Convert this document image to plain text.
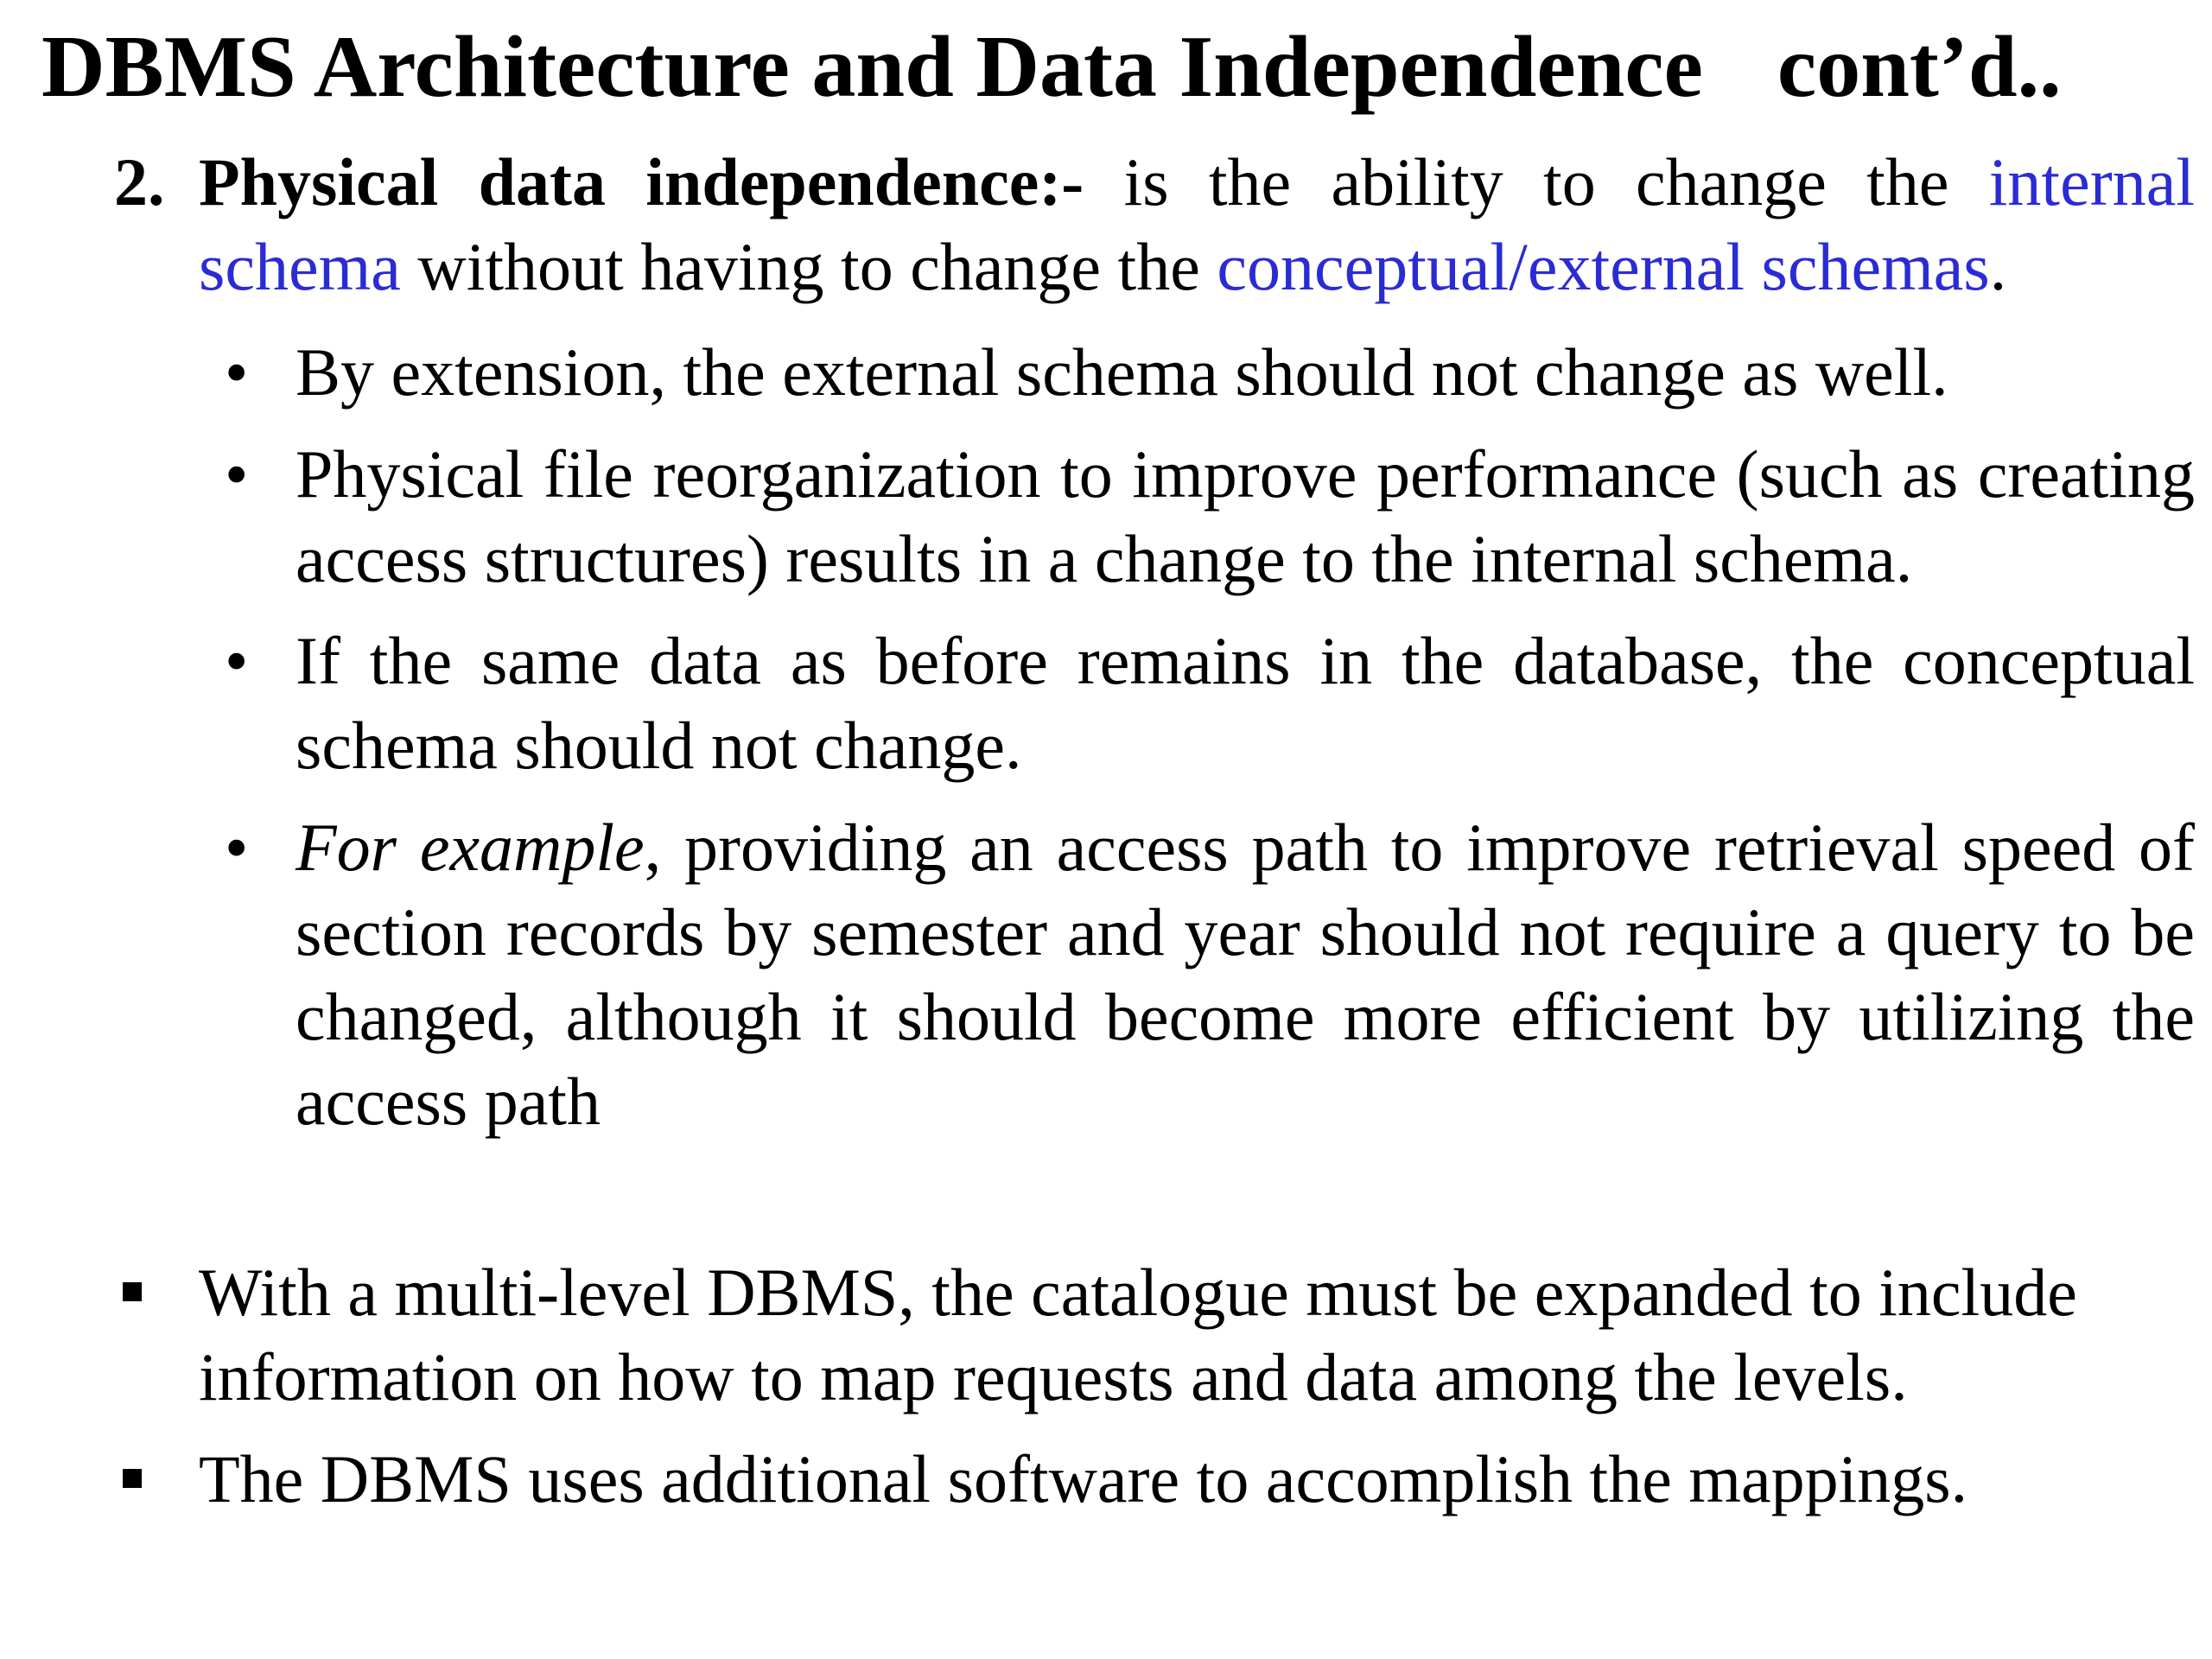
DBMS Architecture and Data Independence cont’d..

2. Physical data independence:- is the ability to change the internal schema without having to change the conceptual/external schemas.

• By extension, the external schema should not change as well.
• Physical file reorganization to improve performance (such as creating access structures) results in a change to the internal schema.
• If the same data as before remains in the database, the conceptual schema should not change.
• For example, providing an access path to improve retrieval speed of section records by semester and year should not require a query to be changed, although it should become more efficient by utilizing the access path
With a multi-level DBMS, the catalogue must be expanded to include information on how to map requests and data among the levels.
The DBMS uses additional software to accomplish the mappings.
